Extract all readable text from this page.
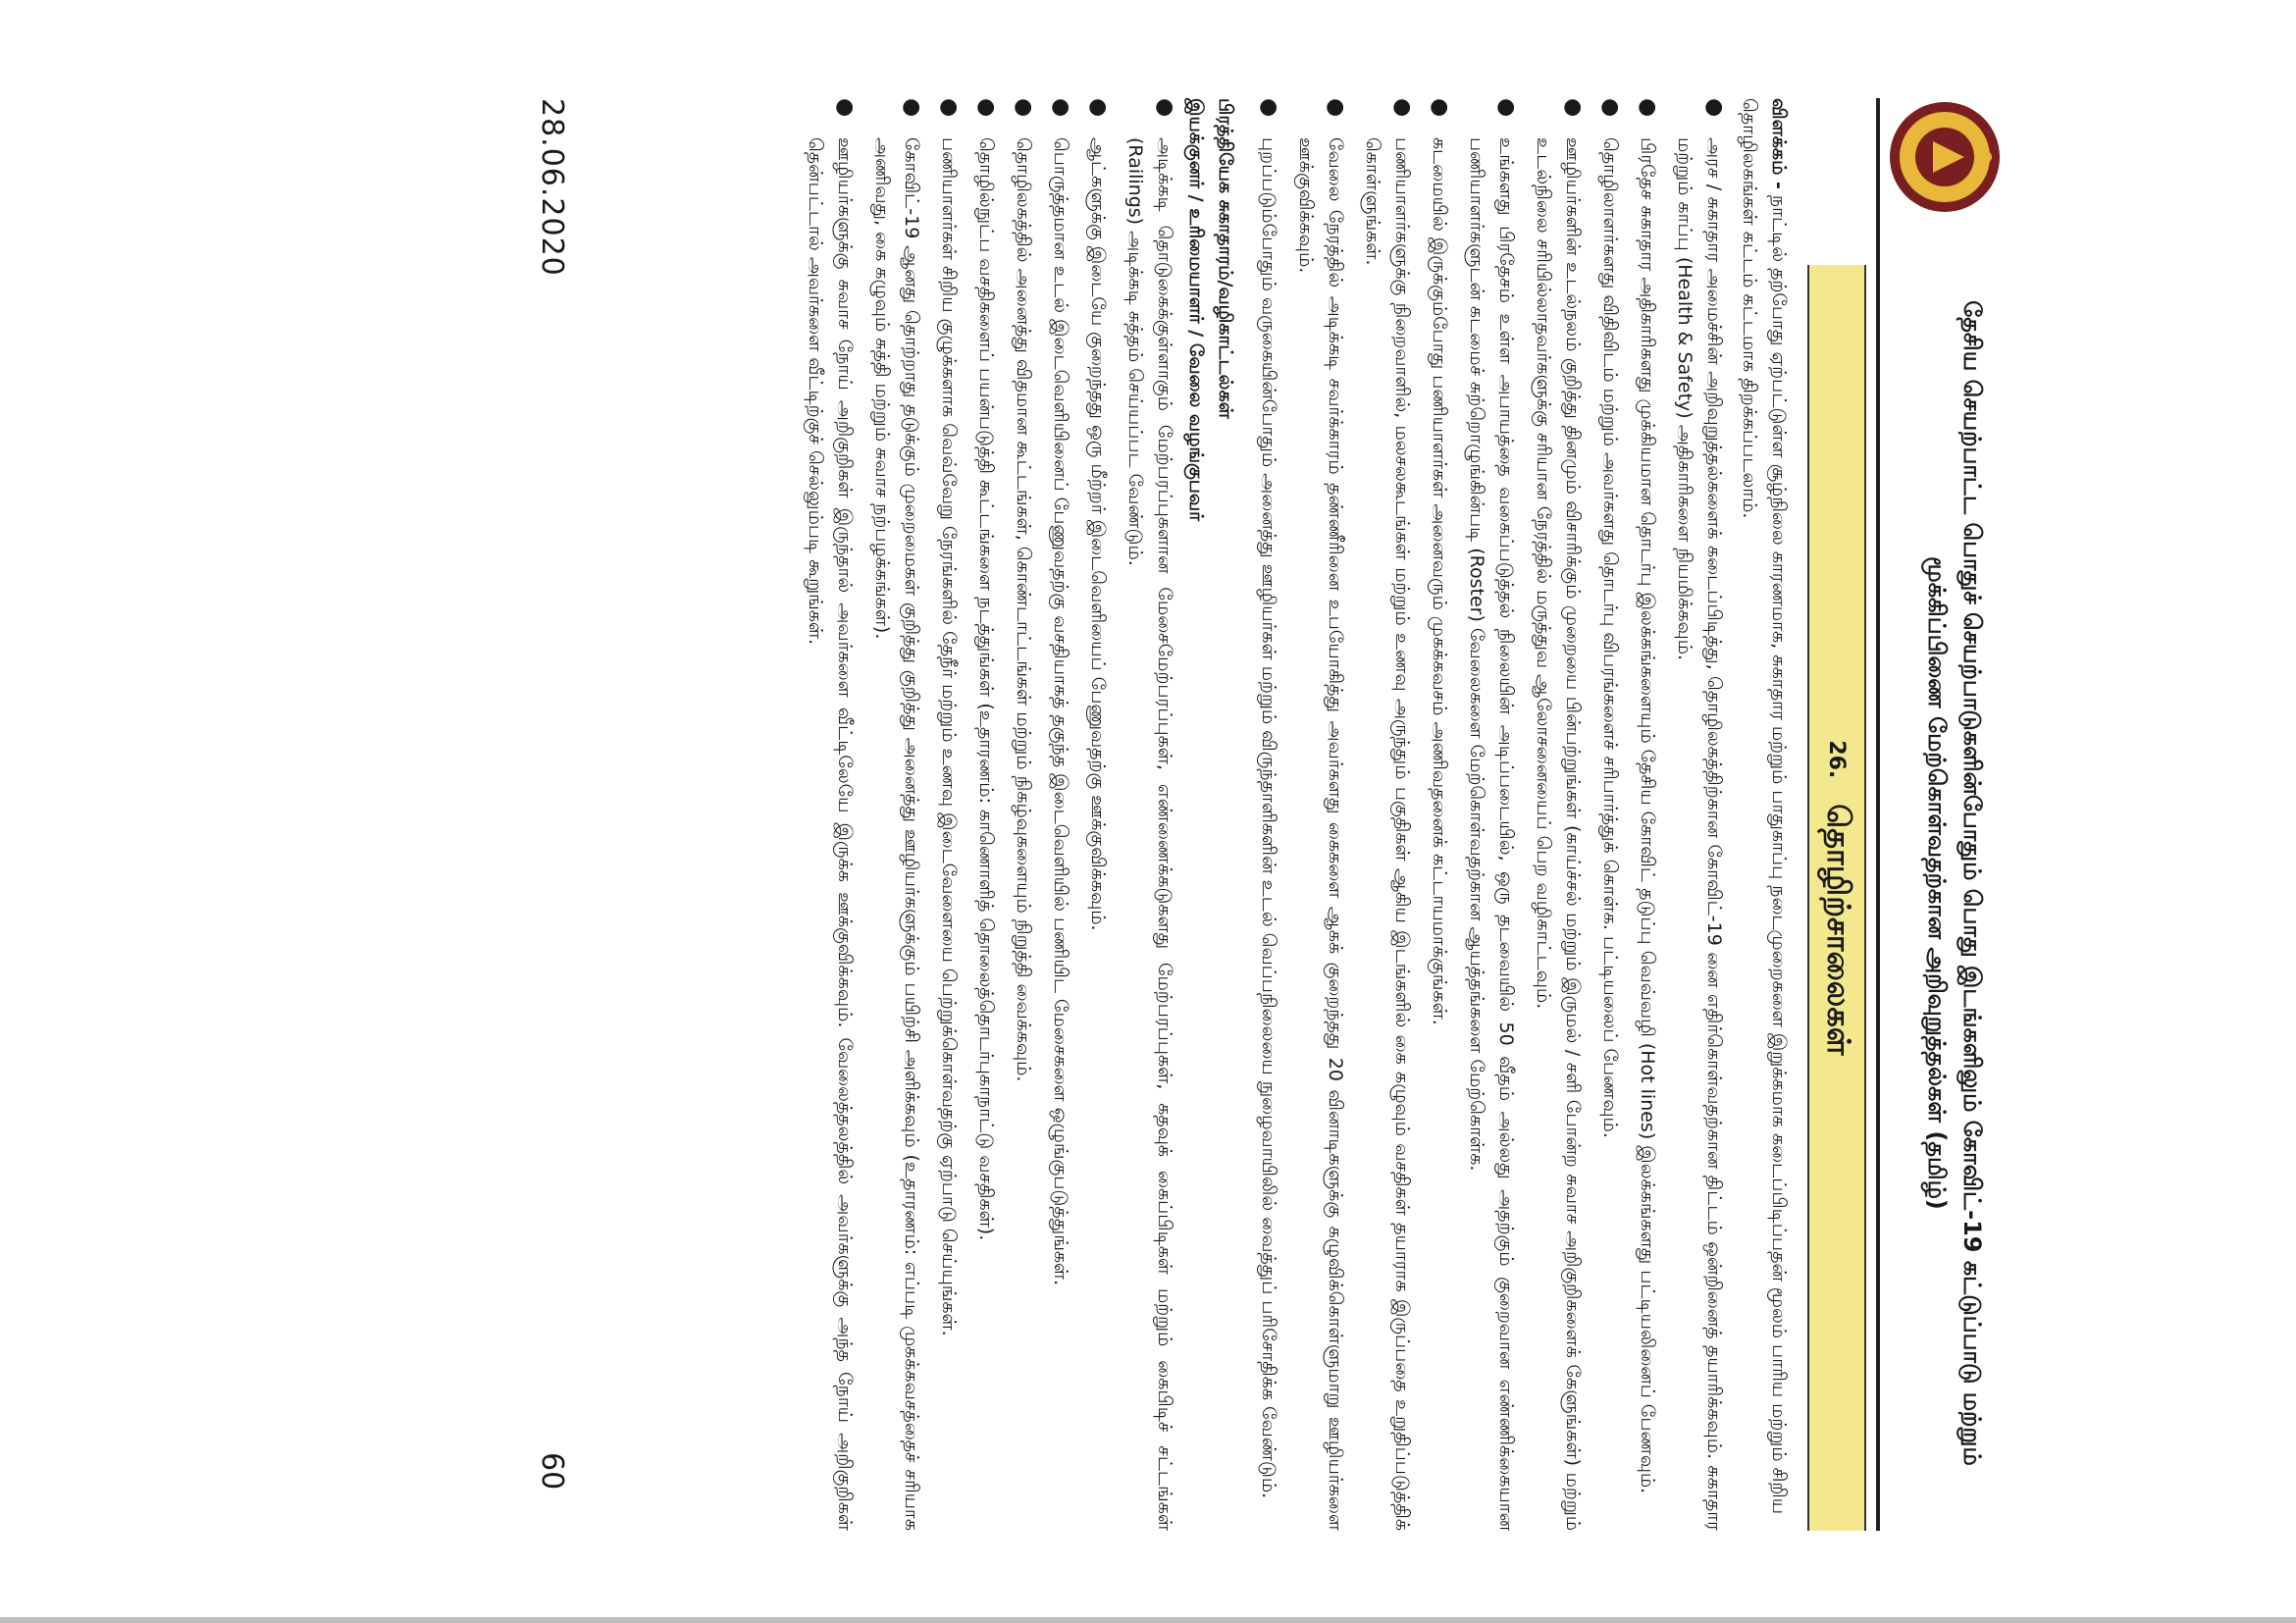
தேசிய செயற்பாட்ட பொதுச் செயற்பாடுகளின்போதும் பொது இடங்களிலும் கோவிட்-19 கட்டுப்பாடு மற்றும்
மூக்கிப்பிணை மேற்கொள்வதற்கான அறிவுறுத்தல்கள் (தமிழ்)
26.
தொழிற்சாலைகள்

விளக்கம் - நாட்டில் தற்போது ஏற்பட்டுள்ள சூழ்நிலை காரணமாக, சுகாதார மற்றும் பாதுகாப்பு நடைமுறைகளை இறுக்கமாக கடைப்பிடிப்பதன் மூலம் பாரிய மற்றும் சிறிய தொழிலகங்கள் கட்டம் கட்டமாக திறக்கப்படலாம்.

●
அரச / சுகாதார அமைச்சின் அறிவுறுத்தல்களைக் கடைப்பிடித்து, தொழிலகத்திற்கான கோவிட்-19 னை எதிர்கொள்வதற்கான திட்டம் ஒன்றினைத் தயாரிக்கவும். சுகாதார மற்றும் காப்பு (Health & Safety) அதிகாரிகளை நியமிக்கவும்.
●
பிரதேச சுகாதார அதிகாரிகளது முக்கியமான தொடர்பு இலக்கங்களையும் தேசிய கோவிட் தடுப்பு வெவ்வழி (Hot lines) இலக்கங்களது பட்டியலினைப் பேணவும்.
●
தொழிலாளர்களது விதிவிடம் மற்றும் அவர்களது தொடர்பு விபரங்களைச் சரிபார்த்துக் கொள்க. பட்டியலைப் பேணவும்.
●
ஊழியர்களின் உடல்நலம் குறித்து தினமும் விசாரிக்கும் முறையை பின்பற்றுங்கள் (காய்ச்சல் மற்றும் இருமல் / சளி போன்ற சுவாச அறிகுறிகளைக் கேளுங்கள்) மற்றும் உடல்நிலை சரியில்லாதவர்களுக்கு சரியான நேரத்தில் மருத்துவ ஆலோசனையைப் பெற வழிகாட்டவும்.
●
உங்களது பிரதேசம் உள்ள அபாயத்தை வகைப்படுத்தல் நிலையின் அடிப்படையில், ஒரு தடவையில் 50 வீதம் அல்லது அதற்கும் குறைவான எண்ணிக்கையான பணியாளர்களுடன் கடமைச் சுற்றொழுங்கின்படி (Roster) வேலைகளை மேற்கொள்வதற்கான ஆயத்தங்களை மேற்கொள்க.
●
கடமையில் இருக்கும்போது பணியாளர்கள் அனைவரும் முகக்கவசம் அணிவதனைக் கட்டாயமாக்குங்கள்.
●
பணியாளர்களுக்கு நிறைவாளில், மலசலகூடங்கள் மற்றும் உணவு அருந்தும் பகுதிகள் ஆகிய இடங்களில் கை கழுவும் வசதிகள் தயாராக இருப்பதை உறுதிப்படுத்திக் கொள்ளுங்கள்.
●
வேலை நேரத்தில் அடிக்கடி சவர்க்காரம் தண்ணீரினை உபயோகித்து அவர்களது கைகளை ஆகக் குறைந்தது 20 வினாடிகளுக்கு கழுவிக்கொள்ளுமாறு ஊழியர்களை ஊக்குவிக்கவும்.
●
புறப்படும்போதும் வருகையின்போதும் அனைத்து ஊழியர்கள் மற்றும் விருந்தாளிகளின் உடல் வெப்பநிலையை நுழைவாயிலில் வைத்துப் பரிசோதிக்க வேண்டும்.
பிரத்தியேக சுகாதாரம்/வழிகாட்டல்கள்
இயக்குனர் / உரிமையாளர் / வேலை வழங்குபவர்
●
அடிக்கடி தொடுகைக்குள்ளாகும் மேற்பரப்புகளான மேசைமேற்பரப்புகள், எண்ணைக்கடுகளது மேற்பரப்புகள், கதவுக் கைப்பிடிகள் மற்றும் கைபிடிச் சட்டங்கள் (Railings) அடிக்கடி சுத்தம் செய்யப்பட வேண்டும்.
●
ஆட்களுக்கு இடையே குறைந்தது ஒரு மீற்றர் இடைவெளியைப் பேணுவதற்கு ஊக்குவிக்கவும்.
●
பொருத்தமான உடல் இடைவெளியினைப் பேணுவதற்கு வசதியாகத் தகுந்த இடைவெளியில் பணியிட மேசைகளை ஒழுங்குபடுத்துங்கள்.
●
தொழிலகத்தில் அனைத்து விதமான கூட்டங்கள், கொண்டாட்டங்கள் மற்றும் நிகழ்வுகளையும் நிறுத்தி வைக்கவும்.
●
தொழில்நுட்ப வசதிகளைப் பயன்படுத்தி கூட்டங்களை நடத்துங்கள் (உதாரணம்: காணொளித் தொலைத்தொடர்புகாநாட்டு வசதிகள்).
●
பணியாளர்கள் சிறிய குழுக்களாக வெவ்வேறு நேரங்களில் தேநீர் மற்றும் உணவு இடைவேளையை பெற்றுக்கொள்வதற்கு ஏற்பாடு செய்யுங்கள்.
●
கோவிட்-19 ஆனது தொற்றாது தடுக்கும் முறைமைகள் குறித்து குறித்து அனைத்து ஊழியர்களுக்கும் பயிற்சி அளிக்கவும் (உதாரணம்: எப்படி முகக்கவசத்தைச் சரியாக அணிவது, கை கழுவும் சுத்தி மற்றும் சுவாச நற்பழக்கங்கள்).
●
ஊழியர்களுக்கு சுவாச நோய் அறிகுறிகள் இருந்தால் அவர்களை வீட்டிலேயே இருக்க ஊக்குவிக்கவும். வேலைத்தலத்தில் அவர்களுக்கு அந்த நோய் அறிகுறிகள் தென்பட்டால் அவர்களை வீட்டிற்குச் செல்லும்படி கூறுங்கள்.
28.06.2020
60
